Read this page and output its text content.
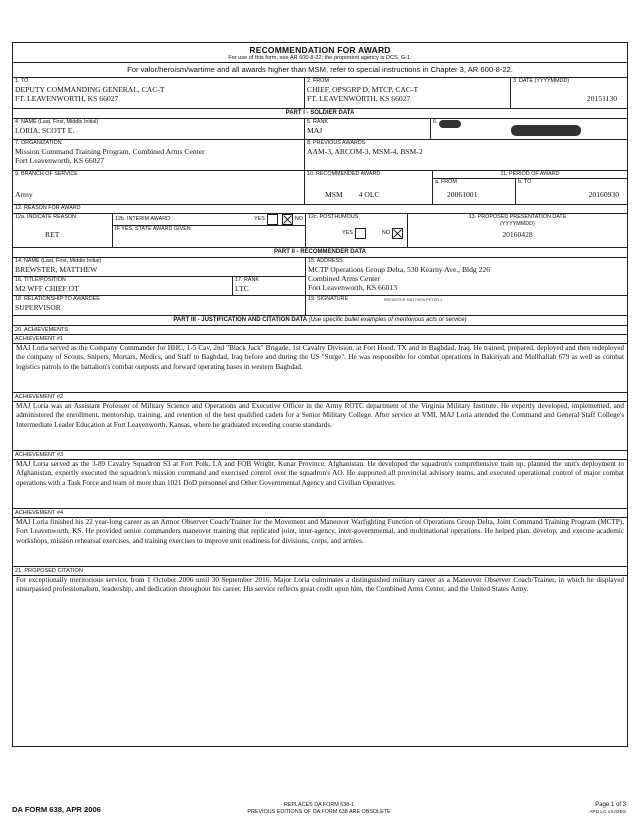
RECOMMENDATION FOR AWARD
For use of this form, see AR 600-8-22; the proponent agency is DCS, G-1.
For valor/heroism/wartime and all awards higher than MSM, refer to special instructions in Chapter 3, AR 600-8-22.
1. TO
DEPUTY COMMANDING GENERAL, CAC-T
FT. LEAVENWORTH, KS 66027
2. FROM
CHIEF, OPSGRP D, MTCP, CAC-T
FT. LEAVENWORTH, KS 66027
3. DATE (YYYYMMDD)
20151130
PART I - SOLDIER DATA
4. NAME (Last, First, Middle Initial)
LORIA, SCOTT E.
5. RANK
MAJ
6.
7. ORGANIZATION
Mission Command Training Program, Combined Arms Center
Fort Leavenworth, KS 66027
8. PREVIOUS AWARDS
AAM-3, ARCOM-3, MSM-4, BSM-2
9. BRANCH OF SERVICE
Army
10. RECOMMENDED AWARD
MSM 4 OLC
11. PERIOD OF AWARD
a. FROM
20061001
b. TO
20160930
12. REASON FOR AWARD
12a. INDICATE REASON
RET
12b. INTERIM AWARD	YES	NO
IF YES, STATE AWARD GIVEN
12c. POSTHUMOUS
YES	NO
13. PROPOSED PRESENTATION DATE
(YYYYMMDD)
20160428
PART II - RECOMMENDER DATA
14. NAME (Last, First, Middle Initial)
BREWSTER, MATTHEW
16. TITLE/POSITION
M2 WFF CHIEF OT
17. RANK
LTC
18. RELATIONSHIP TO AWARDEE
SUPERVISOR
15. ADDRESS
MCTP Operations Group Delta, 530 Kearny Ave., Bldg 226
Combined Arms Center
Fort Leavenworth, KS 66013
19. SIGNATURE	BREWSTER.MATTHEW.PETER.1
PART III - JUSTIFICATION AND CITATION DATA (Use specific bullet examples of meritorious acts or service)
20. ACHIEVEMENTS
ACHIEVEMENT #1
MAJ Loria served as the Company Commander for HHC, 1-5 Cav, 2nd "Black Jack" Brigade, 1st Cavalry Division, at Fort Hood, TX and in Baghdad, Iraq. He trained, prepared, deployed and then redeployed the company of Scouts, Snipers, Mortars, Medics, and Staff to Baghdad, Iraq before and during the US "Surge". He was responsible for combat operations in Bakiriyah and Mullhallah 679 as well as combat logistics patrols to the battalion's combat outposts and forward operating bases in western Baghdad.
ACHIEVEMENT #2
MAJ Loria was an Assistant Professor of Military Science and Operations and Executive Officer in the Army ROTC department of the Virginia Military Institute. He expertly developed, implemented, and administered the enrollment, mentorship, training, and retention of the best qualified cadets for a Senior Military College. After service at VMI, MAJ Loria attended the Command and General Staff College's Intermediate Leader Education at Fort Leavenworth, Kansas, where he graduated exceeding course standards.
ACHIEVEMENT #3
MAJ Loria served as the 3-89 Cavalry Squadron S3 at Fort Polk, LA and FOB Wright, Kunar Province, Afghanistan. He developed the squadron's comprehensive train up, planned the unit's deployment to Afghanistan, expertly executed the squadron's mission command and exercised control over the squadron's AO. He supported all provincial advisory teams, and executed operational control of major combat operations with a Task Force and team of more than 1021 DoD personnel and Other Governmental Agency and Civilian Operatives.
ACHIEVEMENT #4
MAJ Loria finished his 22 year-long career as an Armor Observer Coach/Trainer for the Movement and Maneuver Warfighting Function of Operations Group Delta, Joint Command Training Program (MCTP), Fort Leavenworth, KS. He provided senior commanders maneuver training that replicated joint, inter-agency, inter-governmental, and multinational operations. He helped plan, develop, and execute academic workshops, mission rehearsal exercises, and training exercises to improve unit readiness for divisions, corps, and armies.
21. PROPOSED CITATION
For exceptionally meritorious service, from 1 October 2006 until 30 September 2016. Major Loria culminates a distinguished military career as a Maneuver Observer Coach/Trainer, in which he displayed unsurpassed professionalism, leadership, and dedication throughout his career. His service reflects great credit upon him, the Combined Arms Center, and the United States Army.
DA FORM 638, APR 2006	REPLACES DA FORM 638-1
PREVIOUS EDITIONS OF DA FORM 638 ARE OBSOLETE
Page 1 of 3
APD LC v3.02ES
